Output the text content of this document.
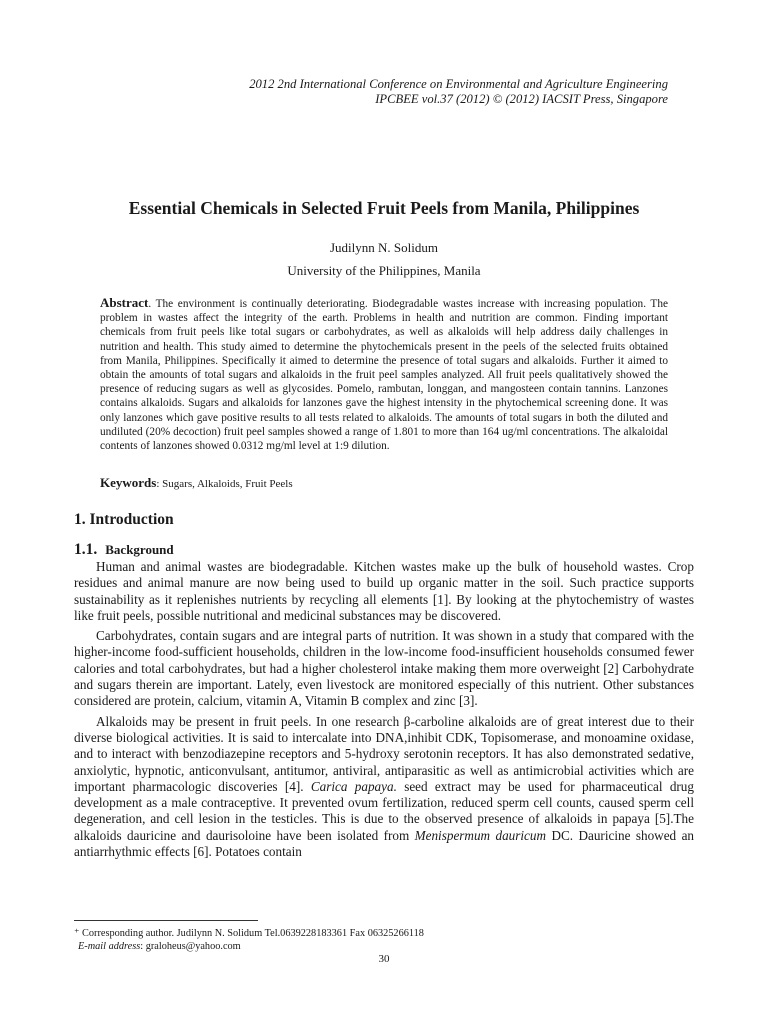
2012 2nd International Conference on Environmental and Agriculture Engineering
IPCBEE vol.37 (2012) © (2012) IACSIT Press, Singapore
Essential Chemicals in Selected Fruit Peels from Manila, Philippines
Judilynn N. Solidum
University of the Philippines, Manila
Abstract. The environment is continually deteriorating. Biodegradable wastes increase with increasing population. The problem in wastes affect the integrity of the earth. Problems in health and nutrition are common. Finding important chemicals from fruit peels like total sugars or carbohydrates, as well as alkaloids will help address daily challenges in nutrition and health. This study aimed to determine the phytochemicals present in the peels of the selected fruits obtained from Manila, Philippines. Specifically it aimed to determine the presence of total sugars and alkaloids. Further it aimed to obtain the amounts of total sugars and alkaloids in the fruit peel samples analyzed. All fruit peels qualitatively showed the presence of reducing sugars as well as glycosides. Pomelo, rambutan, longgan, and mangosteen contain tannins. Lanzones contains alkaloids. Sugars and alkaloids for lanzones gave the highest intensity in the phytochemical screening done. It was only lanzones which gave positive results to all tests related to alkaloids. The amounts of total sugars in both the diluted and undiluted (20% decoction) fruit peel samples showed a range of 1.801 to more than 164 ug/ml concentrations. The alkaloidal contents of lanzones showed 0.0312 mg/ml level at 1:9 dilution.
Keywords: Sugars, Alkaloids, Fruit Peels
1. Introduction
1.1. Background

Human and animal wastes are biodegradable. Kitchen wastes make up the bulk of household wastes. Crop residues and animal manure are now being used to build up organic matter in the soil. Such practice supports sustainability as it replenishes nutrients by recycling all elements [1]. By looking at the phytochemistry of wastes like fruit peels, possible nutritional and medicinal substances may be discovered.

Carbohydrates, contain sugars and are integral parts of nutrition. It was shown in a study that compared with the higher-income food-sufficient households, children in the low-income food-insufficient households consumed fewer calories and total carbohydrates, but had a higher cholesterol intake making them more overweight [2] Carbohydrate and sugars therein are important. Lately, even livestock are monitored especially of this nutrient. Other substances considered are protein, calcium, vitamin A, Vitamin B complex and zinc [3].

Alkaloids may be present in fruit peels. In one research β-carboline alkaloids are of great interest due to their diverse biological activities. It is said to intercalate into DNA,inhibit CDK, Topisomerase, and monoamine oxidase, and to interact with benzodiazepine receptors and 5-hydroxy serotonin receptors. It has also demonstrated sedative, anxiolytic, hypnotic, anticonvulsant, antitumor, antiviral, antiparasitic as well as antimicrobial activities which are important pharmacologic discoveries [4]. Carica papaya. seed extract may be used for pharmaceutical drug development as a male contraceptive. It prevented ovum fertilization, reduced sperm cell counts, caused sperm cell degeneration, and cell lesion in the testicles. This is due to the observed presence of alkaloids in papaya [5].The alkaloids dauricine and daurisoloine have been isolated from Menispermum dauricum DC. Dauricine showed an antiarrhythmic effects [6]. Potatoes contain

⁺ Corresponding author. Judilynn N. Solidum Tel.0639228183361 Fax 06325266118
E-mail address: graloheus@yahoo.com
30
